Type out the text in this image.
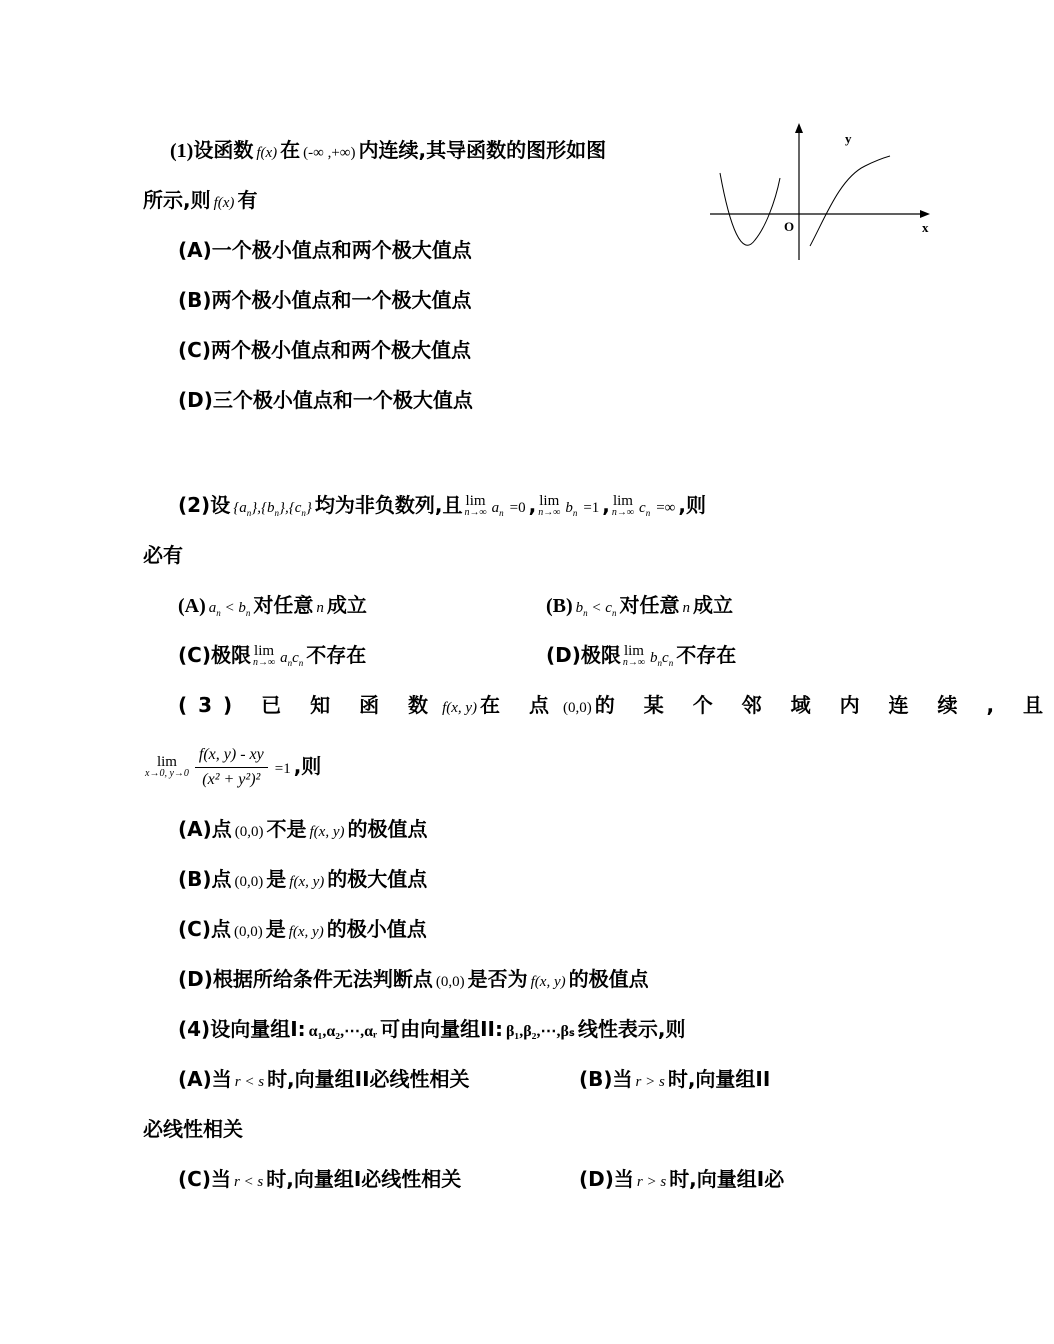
(1)设函数 f(x) 在 (-∞ ,+∞) 内连续,其导函数的图形如图
所示,则 f(x) 有
y
O	x
(A)一个极小值点和两个极大值点
(B)两个极小值点和一个极大值点
(C)两个极小值点和两个极大值点
(D)三个极小值点和一个极大值点
(2)设 $\{a_n\},\{b_n\},\{c_n\}$ 均为非负数列,且 lim
n→∞ $a_n =0$ , lim
n→∞ $b_n =1$ , lim
n→∞ $c_n$ =∞ ,则
必有
(A) $a_n < b_n$ 对任意 n 成立	(B) $b_n < c_n$ 对任意 n 成立
(C)极限 lim
n→∞ $a_nc_n$ 不存在	(D)极限 lim
n→∞ $b_nc_n$ 不存在
(3) 已 知 函 数 f(x, y) 在 点 (0,0) 的 某 个 邻 域 内 连 续 , 且
lim
x→0, $y\to 0 \frac{f(x, y) - xy}{\text{(x² + y²)²}} =1$ ,则
(A)点 (0,0) 不是 f(x, y) 的极值点
(B)点 (0,0) 是 f(x, y) 的极大值点
(C)点 (0,0) 是 f(x, y) 的极小值点
(D)根据所给条件无法判断点 (0,0) 是否为 f(x, y) 的极值点
(4)设向量组I: α₁,α₂,⋯,αᵣ 可由向量组II: β₁,β₂,⋯,βₛ 线性表示,则
(A)当 r < s 时,向量组II必线性相关	(B)当 r > s 时,向量组II
必线性相关
(C)当 r < s 时,向量组I必线性相关	(D)当 r > s 时,向量组I必
